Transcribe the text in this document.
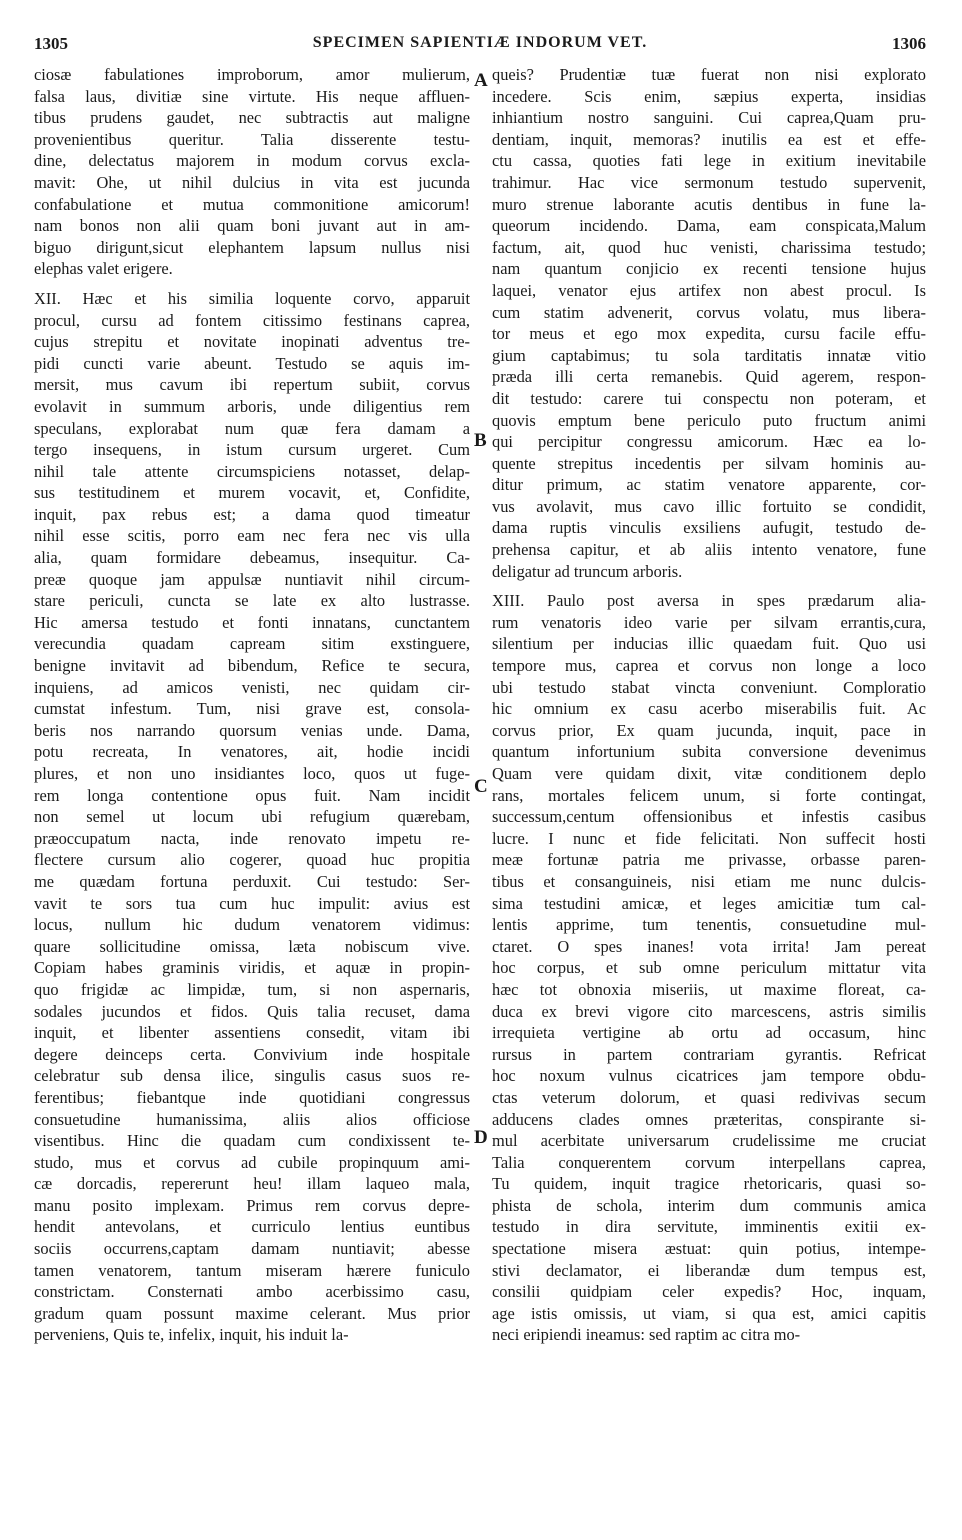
1305	SPECIMEN SAPIENTIÆ INDORUM VET.	1306
ciosæ fabulationes improborum, amor mulierum,
falsa laus, divitiæ sine virtute. His neque affluen-
tibus prudens gaudet, nec subtractis aut maligne
provenientibus queritur. Talia disserente testu-
dine, delectatus majorem in modum corvus excla-
mavit: Ohe, ut nihil dulcius in vita est jucunda
confabulatione et mutua commonitione amicorum!
nam bonos non alii quam boni juvant aut in am-
biguo dirigunt,sicut elephantem lapsum nullus nisi
elephas valet erigere.
XII. Hæc et his similia loquente corvo, apparuit
procul, cursu ad fontem citissimo festinans caprea,
cujus strepitu et novitate inopinati adventus tre-
pidi cuncti varie abeunt. Testudo se aquis im-
mersit, mus cavum ibi repertum subiit, corvus
evolavit in summum arboris, unde diligentius rem
speculans, explorabat num quæ fera damam a
tergo insequens, in istum cursum urgeret. Cum
nihil tale attente circumspiciens notasset, delap-
sus testitudinem et murem vocavit, et, Confidite,
inquit, pax rebus est; a dama quod timeatur
nihil esse scitis, porro eam nec fera nec vis ulla
alia, quam formidare debeamus, insequitur. Ca-
preæ quoque jam appulsæ nuntiavit nihil circum-
stare periculi, cuncta se late ex alto lustrasse.
Hic amersa testudo et fonti innatans, cunctantem
verecundia quadam capream sitim exstinguere,
benigne invitavit ad bibendum, Refice te secura,
inquiens, ad amicos venisti, nec quidam cir-
cumstat infestum. Tum, nisi grave est, consola-
beris nos narrando quorsum venias unde. Dama,
potu recreata, In venatores, ait, hodie incidi
plures, et non uno insidiantes loco, quos ut fuge-
rem longa contentione opus fuit. Nam incidit
non semel ut locum ubi refugium quærebam,
præoccupatum nacta, inde renovato impetu re-
flectere cursum alio cogerer, quoad huc propitia
me quædam fortuna perduxit. Cui testudo: Ser-
vavit te sors tua cum huc impulit: avius est
locus, nullum hic dudum venatorem vidimus:
quare sollicitudine omissa, læta nobiscum vive.
Copiam habes graminis viridis, et aquæ in propin-
quo frigidæ ac limpidæ, tum, si non aspernaris,
sodales jucundos et fidos. Quis talia recuset, dama
inquit, et libenter assentiens consedit, vitam ibi
degere deinceps certa. Convivium inde hospitale
celebratur sub densa ilice, singulis casus suos re-
ferentibus; fiebantque inde quotidiani congressus
consuetudine humanissima, aliis alios officiose
visentibus. Hinc die quadam cum condixissent te-
studo, mus et corvus ad cubile propinquum ami-
cæ dorcadis, repererunt heu! illam laqueo mala,
manu posito implexam. Primus rem corvus depre-
hendit antevolans, et curriculo lentius euntibus
sociis occurrens,captam damam nuntiavit; abesse
tamen venatorem, tantum miseram hærere funiculo
constrictam. Consternati ambo acerbissimo casu,
gradum quam possunt maxime celerant. Mus prior
perveniens, Quis te, infelix, inquit, his induit la-
queis? Prudentiæ tuæ fuerat non nisi explorato
incedere. Scis enim, sæpius experta, insidias
inhiantium nostro sanguini. Cui caprea,Quam pru-
dentiam, inquit, memoras? inutilis ea est et effe-
ctu cassa, quoties fati lege in exitium inevitabile
trahimur. Hac vice sermonum testudo supervenit,
muro strenue laborante acutis dentibus in fune la-
queorum incidendo. Dama, eam conspicata,Malum
factum, ait, quod huc venisti, charissima testudo;
nam quantum conjicio ex recenti tensione hujus
laquei, venator ejus artifex non abest procul. Is
cum statim advenerit, corvus volatu, mus libera-
tor meus et ego mox expedita, cursu facile effu-
gium captabimus; tu sola tarditatis innatæ vitio
præda illi certa remanebis. Quid agerem, respon-
dit testudo: carere tui conspectu non poteram, et
quovis emptum bene periculo puto fructum animi
qui percipitur congressu amicorum. Hæc ea lo-
quente strepitus incedentis per silvam hominis au-
ditur primum, ac statim venatore apparente, cor-
vus avolavit, mus cavo illic fortuito se condidit,
dama ruptis vinculis exsiliens aufugit, testudo de-
prehensa capitur, et ab aliis intento venatore, fune
deligatur ad truncum arboris.
XIII. Paulo post aversa in spes prædarum alia-
rum venatoris ideo varie per silvam errantis,cura,
silentium per inducias illic quaedam fuit. Quo usi
tempore mus, caprea et corvus non longe a loco
ubi testudo stabat vincta conveniunt. Comploratio
hic omnium ex casu acerbo miserabilis fuit. Ac
corvus prior, Ex quam jucunda, inquit, pace in
quantum infortunium subita conversione devenimus
Quam vere quidam dixit, vitæ conditionem deplo
rans, mortales felicem unum, si forte contingat,
successum,centum offensionibus et infestis casibus
lucre. I nunc et fide felicitati. Non suffecit hosti
meæ fortunæ patria me privasse, orbasse paren-
tibus et consanguineis, nisi etiam me nunc dulcis-
sima testudini amicæ, et leges amicitiæ tum cal-
lentis apprime, tum tenentis, consuetudine mul-
ctaret. O spes inanes! vota irrita! Jam pereat
hoc corpus, et sub omne periculum mittatur vita
hæc tot obnoxia miseriis, ut maxime floreat, ca-
duca ex brevi vigore cito marcescens, astris similis
irrequieta vertigine ab ortu ad occasum, hinc
rursus in partem contrariam gyrantis. Refricat
hoc noxum vulnus cicatrices jam tempore obdu-
ctas veterum dolorum, et quasi redivivas secum
adducens clades omnes præteritas, conspirante si-
mul acerbitate universarum crudelissime me cruciat
Talia conquerentem corvum interpellans caprea,
Tu quidem, inquit tragice rhetoricaris, quasi so-
phista de schola, interim dum communis amica
testudo in dira servitute, imminentis exitii ex-
spectatione misera æstuat: quin potius, intempe-
stivi declamator, ei liberandæ dum tempus est,
consilii quidpiam celer expedis? Hoc, inquam,
age istis omissis, ut viam, si qua est, amici capitis
neci eripiendi ineamus: sed raptim ac citra mo-
A
B
C
D
